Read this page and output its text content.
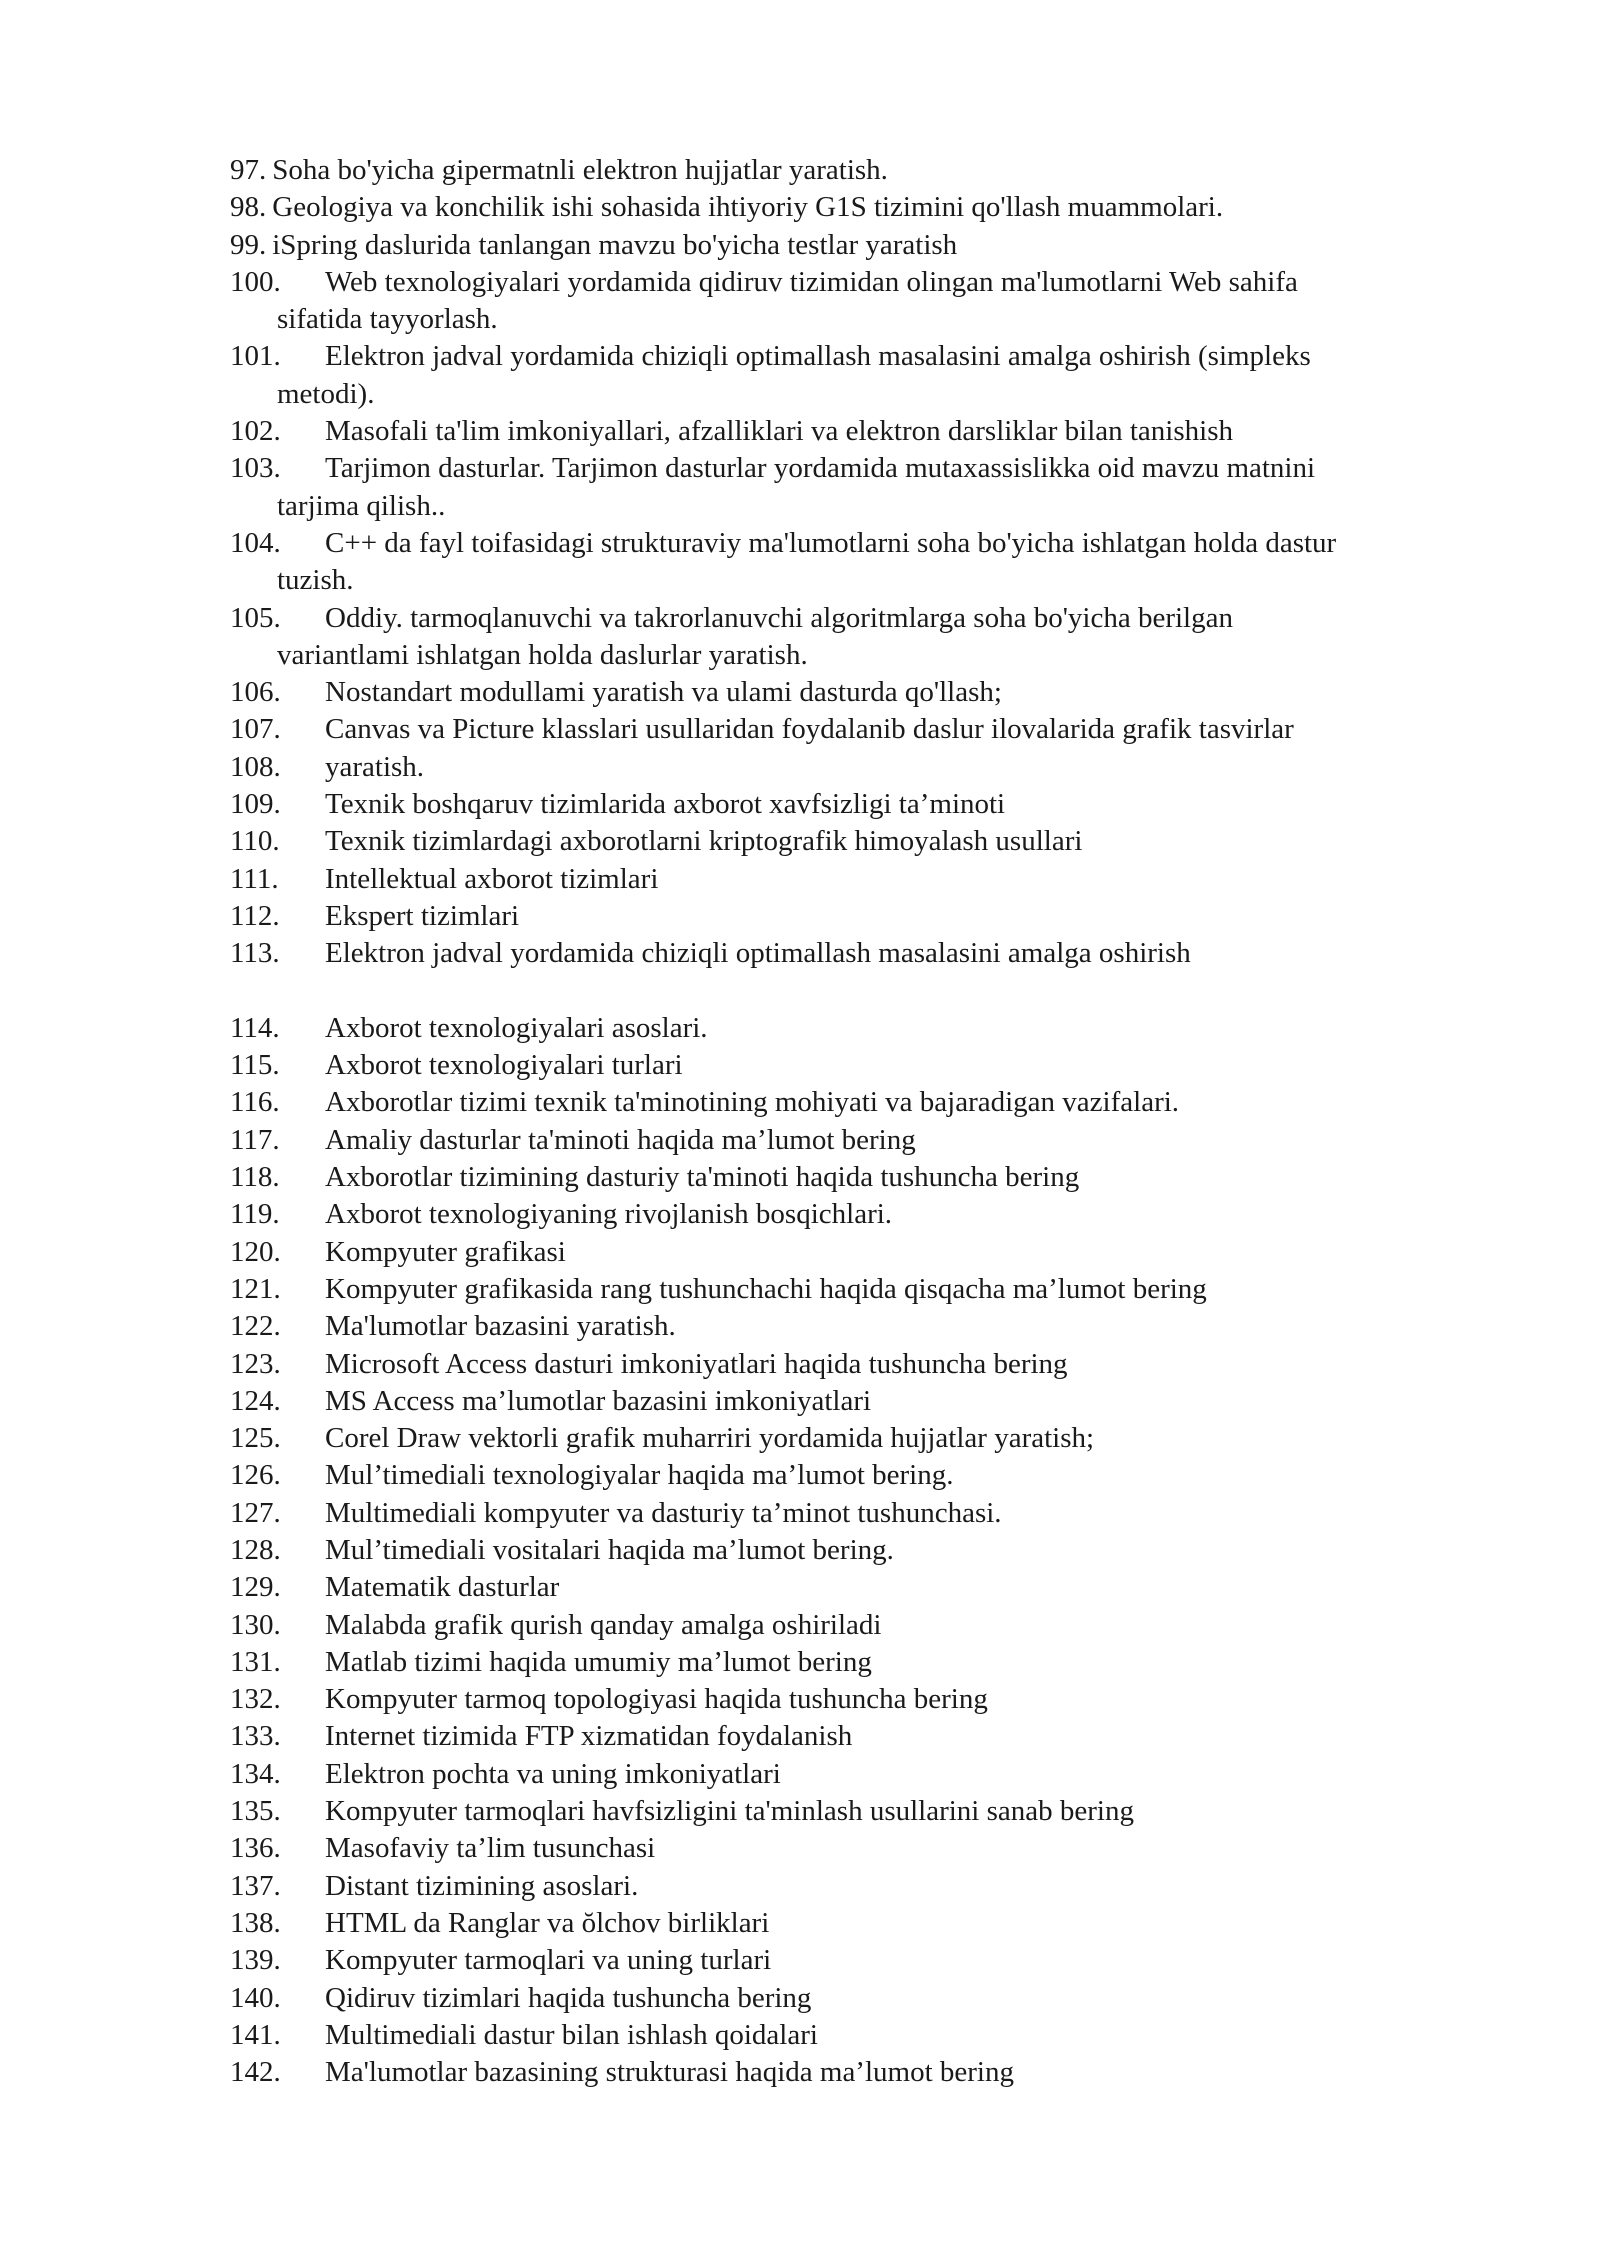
97. Soha bo'yicha gipermatnli elektron hujjatlar yaratish.
98. Geologiya va konchilik ishi sohasida ihtiyoriy G1S tizimini qo'llash muammolari.
99. iSpring daslurida tanlangan mavzu bo'yicha testlar yaratish
100.	Web texnologiyalari yordamida qidiruv tizimidan olingan ma'lumotlarni Web sahifa
sifatida tayyorlash.
101.	Elektron jadval yordamida chiziqli optimallash masalasini amalga oshirish (simpleks
metodi).
102.	Masofali ta'lim imkoniyallari, afzalliklari va elektron darsliklar bilan tanishish
103.	Tarjimon dasturlar. Tarjimon dasturlar yordamida mutaxassislikka oid mavzu matnini
tarjima qilish..
104.	C++ da fayl toifasidagi strukturaviy ma'lumotlarni soha bo'yicha ishlatgan holda dastur
tuzish.
105.	Oddiy. tarmoqlanuvchi va takrorlanuvchi algoritmlarga soha bo'yicha berilgan
variantlami ishlatgan holda daslurlar yaratish.
106.	Nostandart modullami yaratish va ulami dasturda qo'llash;
107.	Canvas va Picture klasslari usullaridan foydalanib daslur ilovalarida grafik tasvirlar
108.	yaratish.
109.	Texnik boshqaruv tizimlarida axborot xavfsizligi ta’minoti
110.	Texnik tizimlardagi axborotlarni kriptografik himoyalash usullari
111.	Intellektual axborot tizimlari
112.	Ekspert tizimlari
113.	Elektron jadval yordamida chiziqli optimallash masalasini amalga oshirish
114.	Axborot texnologiyalari asoslari.
115.	Axborot texnologiyalari turlari
116.	Axborotlar tizimi texnik ta'minotining mohiyati va bajaradigan vazifalari.
117.	Amaliy dasturlar ta'minoti haqida ma’lumot bering
118.	Axborotlar tizimining dasturiy ta'minoti haqida tushuncha bering
119.	Axborot texnologiyaning rivojlanish bosqichlari.
120.	Kompyuter grafikasi
121.	Kompyuter grafikasida rang tushunchachi haqida qisqacha ma’lumot bering
122.	Ma'lumotlar bazasini yaratish.
123.	Microsoft Access dasturi imkoniyatlari haqida tushuncha bering
124.	MS Access ma’lumotlar bazasini imkoniyatlari
125.	Corel Draw vektorli grafik muharriri yordamida hujjatlar yaratish;
126.	Mul’timediali texnologiyalar haqida ma’lumot bering.
127.	Multimediali kompyuter va dasturiy ta’minot tushunchasi.
128.	Mul’timediali vositalari haqida ma’lumot bering.
129.	Matematik dasturlar
130.	Malabda grafik qurish qanday amalga oshiriladi
131.	Matlab tizimi haqida umumiy ma’lumot bering
132.	Kompyuter tarmoq topologiyasi haqida tushuncha bering
133.	Internet tizimida FTP xizmatidan foydalanish
134.	Elektron pochta va uning imkoniyatlari
135.	Kompyuter tarmoqlari havfsizligini ta'minlash usullarini sanab bering
136.	Masofaviy ta’lim tusunchasi
137.	Distant tizimining asoslari.
138.	HTML da Ranglar va ŏlchov birliklari
139.	Kompyuter tarmoqlari va uning turlari
140.	Qidiruv tizimlari haqida tushuncha bering
141.	Multimediali dastur bilan ishlash qoidalari
142.	Ma'lumotlar bazasining strukturasi haqida ma’lumot bering
